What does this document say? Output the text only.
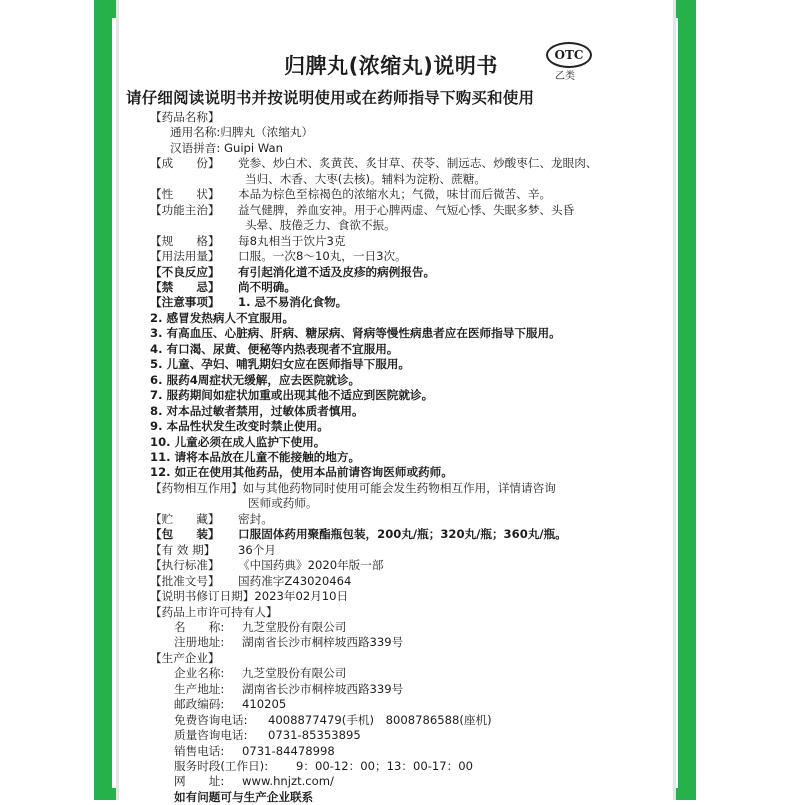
归脾丸(浓缩丸)说明书	OTC
乙类
请仔细阅读说明书并按说明使用或在药师指导下购买和使用
【药品名称】
通用名称:归脾丸（浓缩丸）
汉语拼音: Guipi Wan
【成　　份】 党参、炒白术、炙黄芪、炙甘草、茯苓、制远志、炒酸枣仁、龙眼肉、
当归、木香、大枣(去核)。辅料为淀粉、蔗糖。
【性　　状】 本品为棕色至棕褐色的浓缩水丸；气微，味甘而后微苦、辛。
【功能主治】 益气健脾，养血安神。用于心脾两虚、气短心悸、失眠多梦、头昏
头晕、肢倦乏力、食欲不振。
【规　　格】 每8丸相当于饮片3克
【用法用量】 口服。一次8～10丸，一日3次。
【不良反应】 有引起消化道不适及皮疹的病例报告。
【禁　　忌】 尚不明确。
【注意事项】 1. 忌不易消化食物。
2. 感冒发热病人不宜服用。
3. 有高血压、心脏病、肝病、糖尿病、肾病等慢性病患者应在医师指导下服用。
4. 有口渴、尿黄、便秘等内热表现者不宜服用。
5. 儿童、孕妇、哺乳期妇女应在医师指导下服用。
6. 服药4周症状无缓解，应去医院就诊。
7. 服药期间如症状加重或出现其他不适应到医院就诊。
8. 对本品过敏者禁用，过敏体质者慎用。
9. 本品性状发生改变时禁止使用。
10. 儿童必须在成人监护下使用。
11. 请将本品放在儿童不能接触的地方。
12. 如正在使用其他药品，使用本品前请咨询医师或药师。
【药物相互作用】如与其他药物同时使用可能会发生药物相互作用，详情请咨询
医师或药师。
【贮　　藏】 密封。
【包　　装】 口服固体药用聚酯瓶包装，200丸/瓶；320丸/瓶；360丸/瓶。
【有 效 期】 36个月
【执行标准】 《中国药典》2020年版一部
【批准文号】 国药准字Z43020464
【说明书修订日期】2023年02月10日
【药品上市许可持有人】
名　　称: 九芝堂股份有限公司
注册地址: 湖南省长沙市桐梓坡西路339号
【生产企业】
企业名称: 九芝堂股份有限公司
生产地址: 湖南省长沙市桐梓坡西路339号
邮政编码: 410205
免费咨询电话: 4008877479(手机)　8008786588(座机)
质量咨询电话: 0731-85353895
销售电话: 0731-84478998
服务时段(工作日): 9：00-12：00；13：00-17：00
网　　址: www.hnjzt.com/
如有问题可与生产企业联系
